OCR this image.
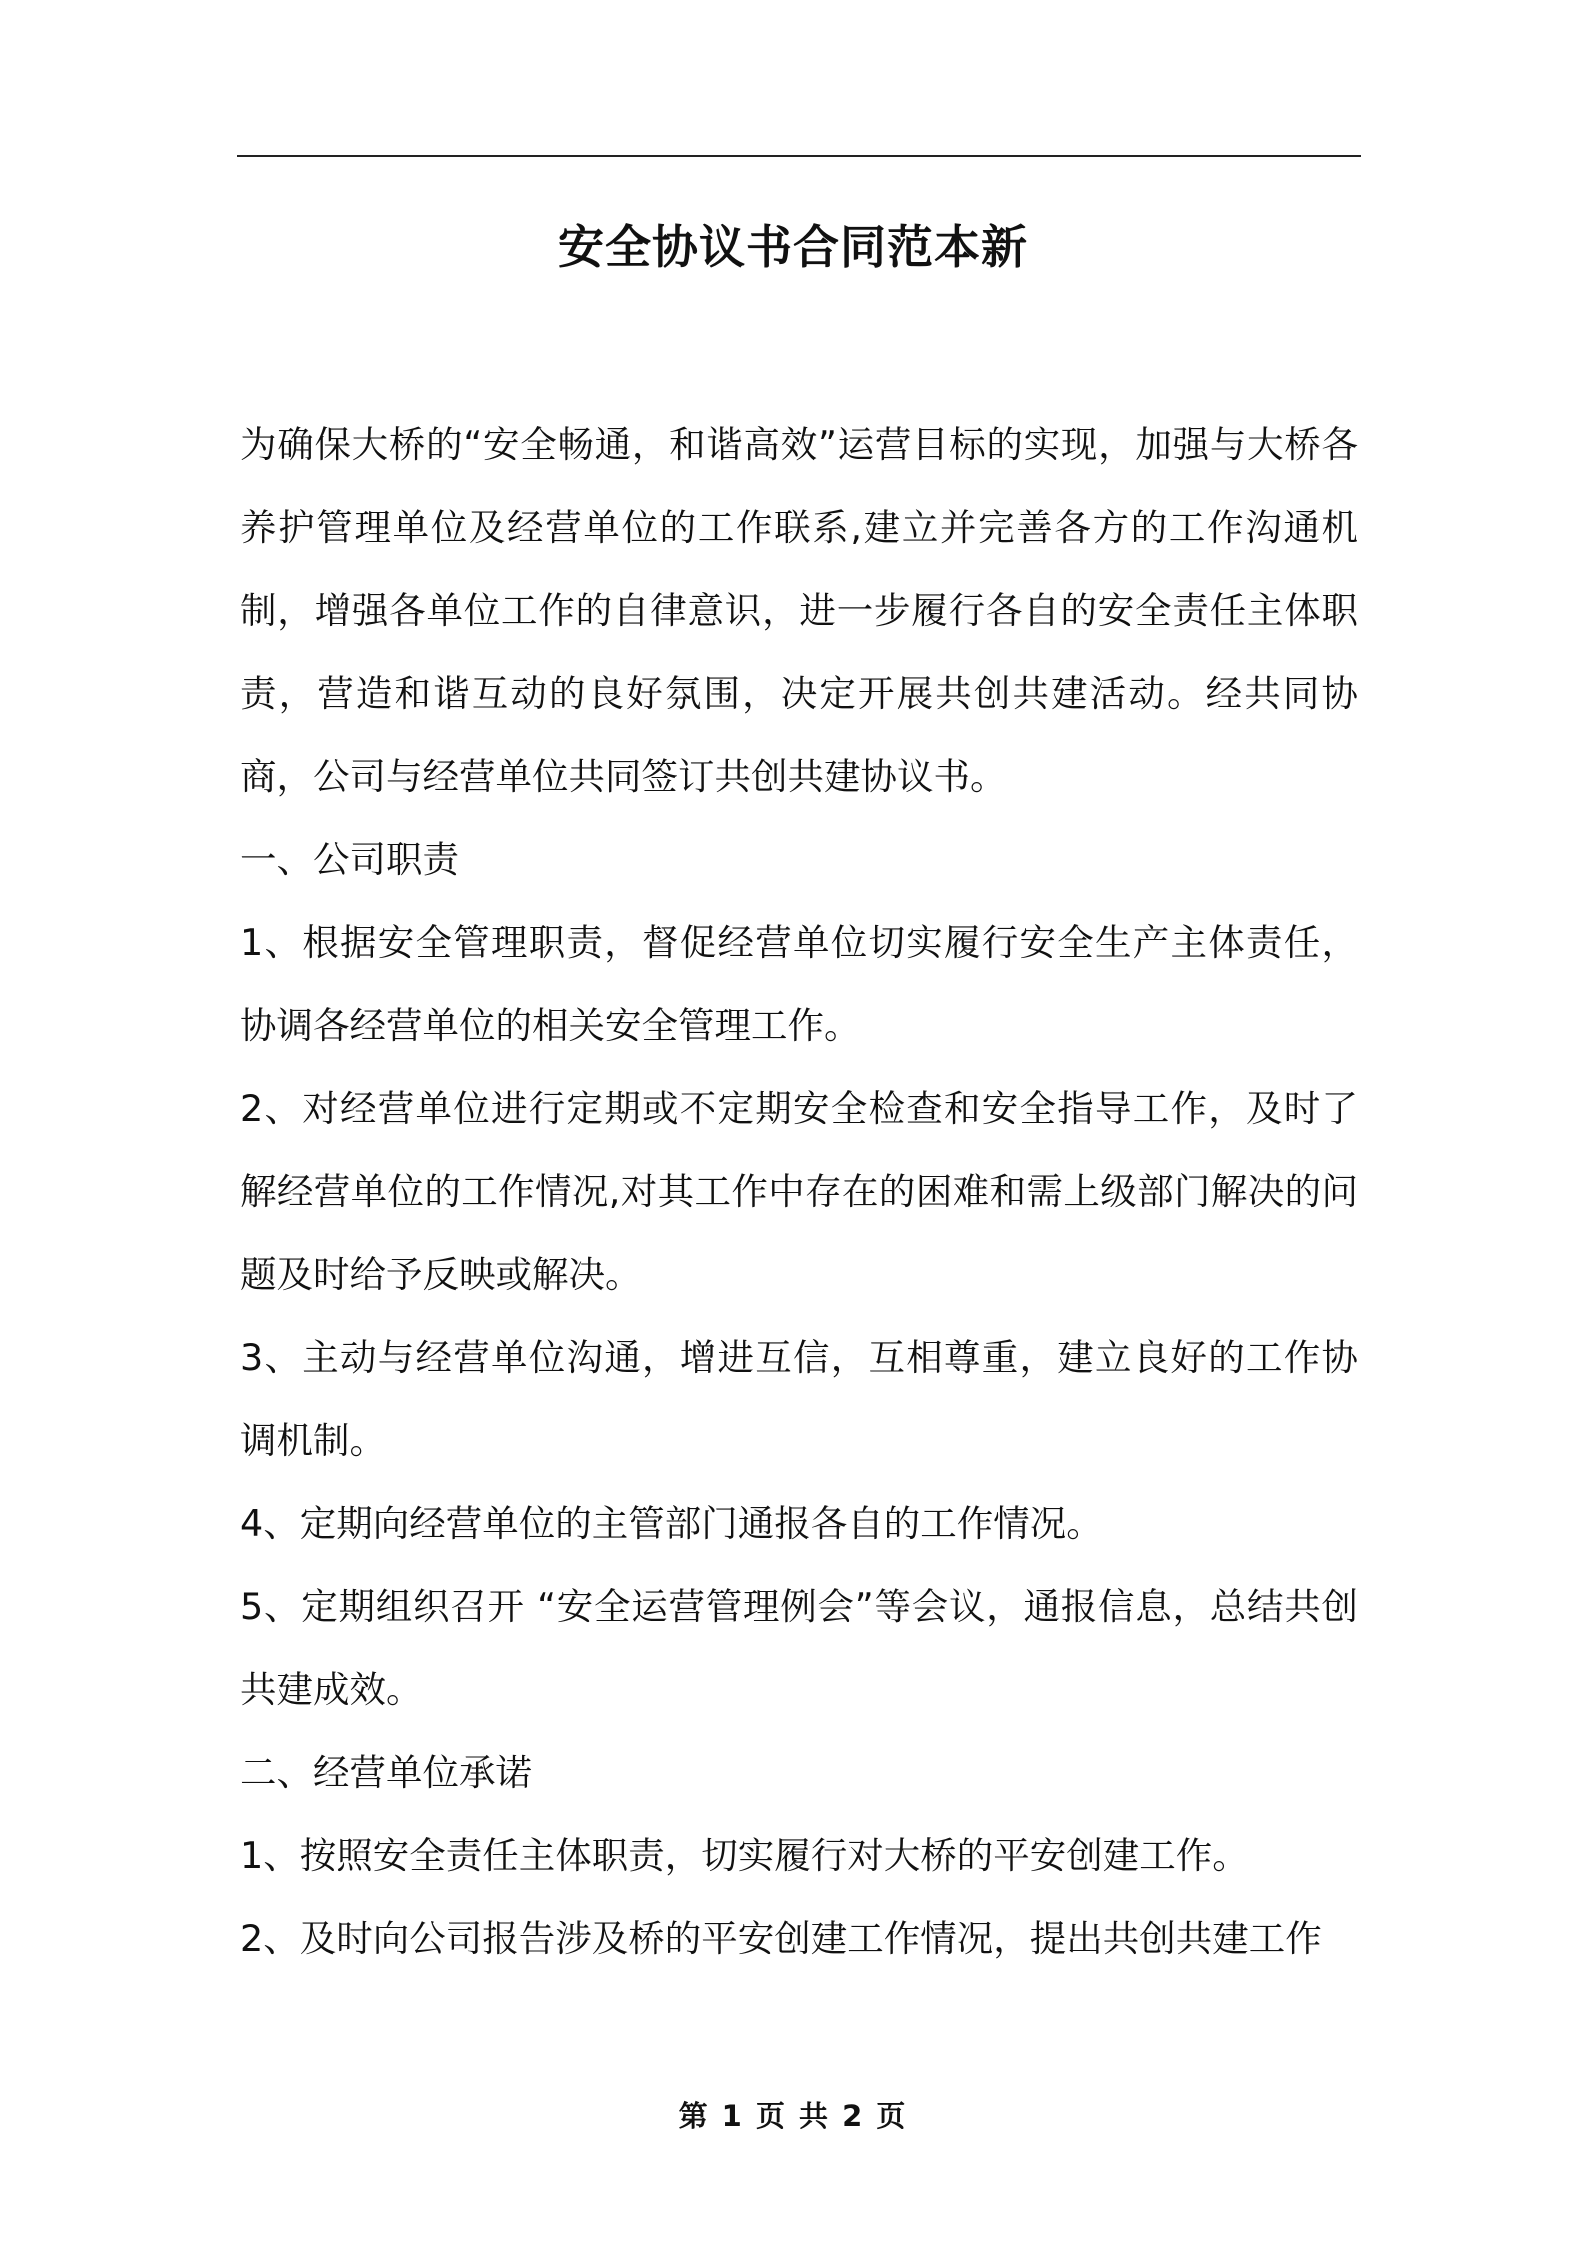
安全协议书合同范本新

为确保大桥的“安全畅通，和谐高效”运营目标的实现，加强与大桥各养护管理单位及经营单位的工作联系,建立并完善各方的工作沟通机制，增强各单位工作的自律意识，进一步履行各自的安全责任主体职责，营造和谐互动的良好氛围，决定开展共创共建活动。经共同协商，公司与经营单位共同签订共创共建协议书。

一、公司职责

1、根据安全管理职责，督促经营单位切实履行安全生产主体责任，协调各经营单位的相关安全管理工作。

2、对经营单位进行定期或不定期安全检查和安全指导工作，及时了解经营单位的工作情况,对其工作中存在的困难和需上级部门解决的问题及时给予反映或解决。

3、主动与经营单位沟通，增进互信，互相尊重，建立良好的工作协调机制。

4、定期向经营单位的主管部门通报各自的工作情况。

5、定期组织召开 “安全运营管理例会”等会议，通报信息，总结共创共建成效。

二、经营单位承诺

1、按照安全责任主体职责，切实履行对大桥的平安创建工作。

2、及时向公司报告涉及桥的平安创建工作情况，提出共创共建工作

第 1 页 共 2 页
